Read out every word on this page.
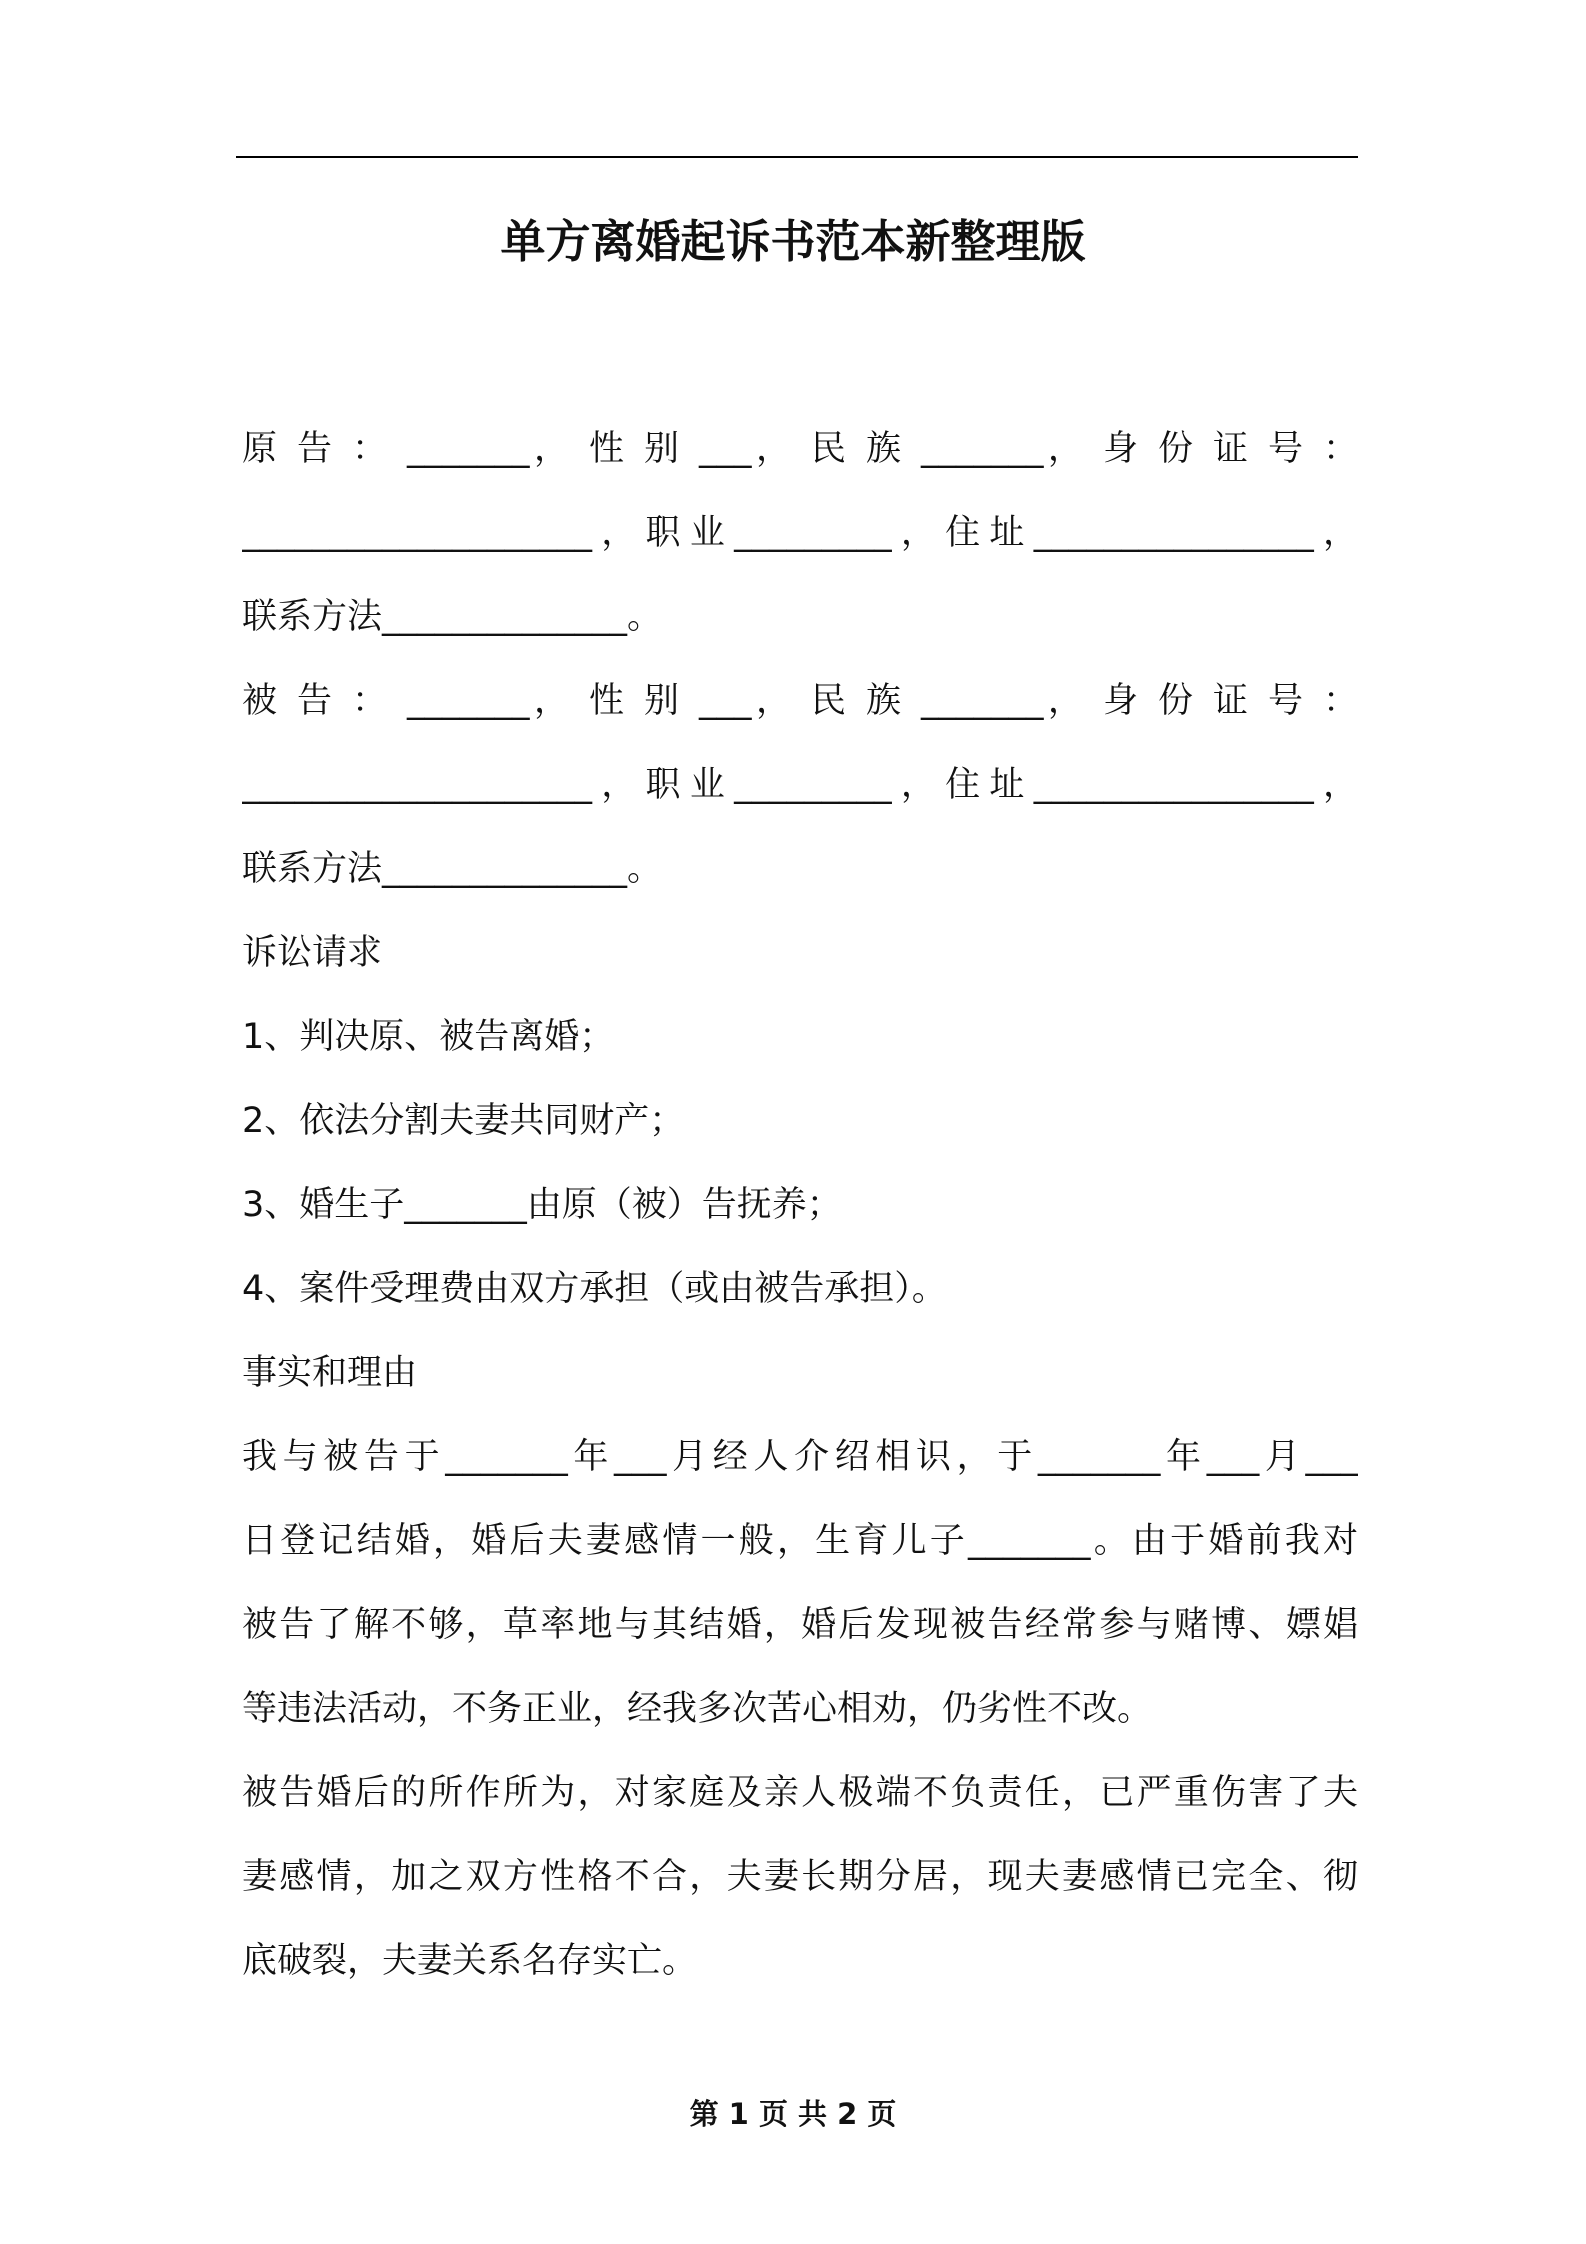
单方离婚起诉书范本新整理版
原 告 ： _______， 性 别 ___， 民 族 _______， 身 份 证 号 ：
____________________，职业_________，住址________________，
联系方法______________。
被 告 ： _______， 性 别 ___， 民 族 _______， 身 份 证 号 ：
____________________，职业_________，住址________________，
联系方法______________。
诉讼请求
1、判决原、被告离婚；
2、依法分割夫妻共同财产；
3、婚生子_______由原（被）告抚养；
4、案件受理费由双方承担（或由被告承担）。
事实和理由
我与被告于_______年___月经人介绍相识，于_______年___月___
日登记结婚，婚后夫妻感情一般，生育儿子_______。由于婚前我对
被告了解不够，草率地与其结婚，婚后发现被告经常参与赌博、嫖娼
等违法活动，不务正业，经我多次苦心相劝，仍劣性不改。
被告婚后的所作所为，对家庭及亲人极端不负责任，已严重伤害了夫
妻感情，加之双方性格不合，夫妻长期分居，现夫妻感情已完全、彻
底破裂，夫妻关系名存实亡。
第 1 页 共 2 页
